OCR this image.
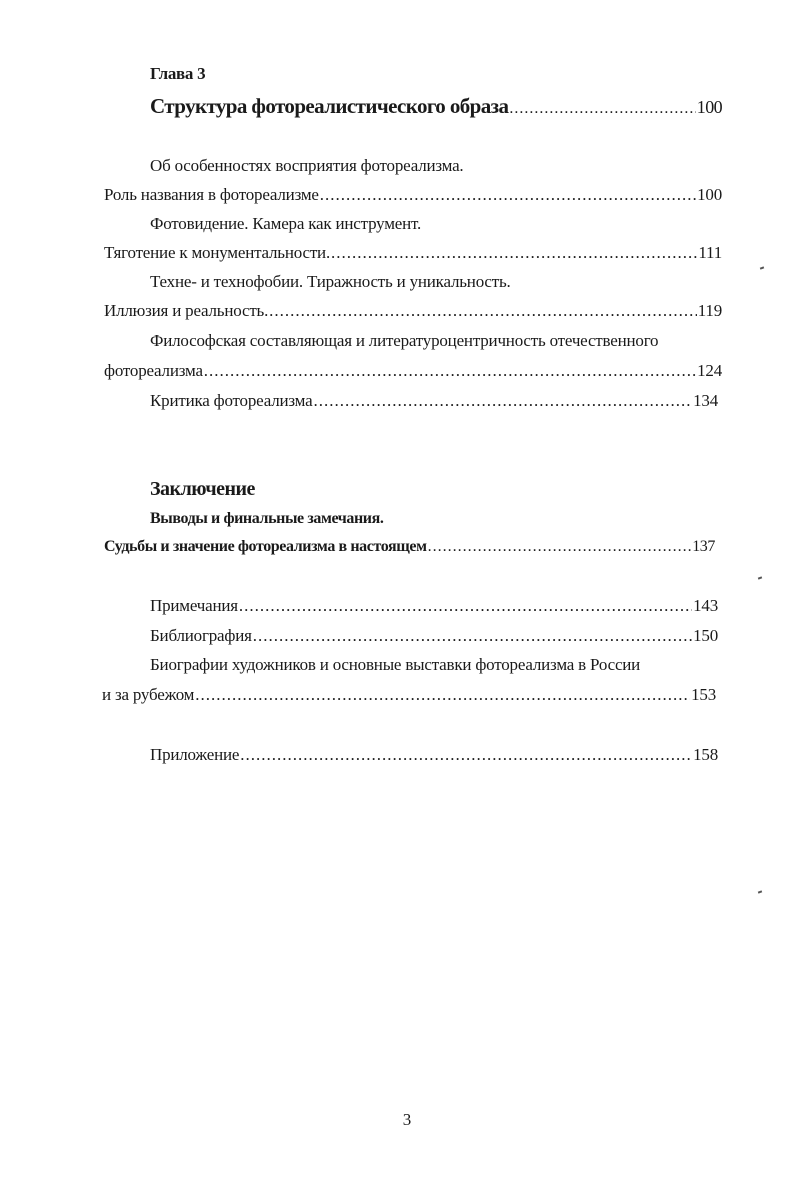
Глава 3
Структура фотореалистического образа .....	100
Об особенностях восприятия фотореализма.
Роль названия в фотореализме .....	100
Фотовидение. Камера как инструмент.
Тяготение к монументальности. .....	111
Техне- и технофобии. Тиражность и уникальность.
Иллюзия и реальность. .....	119
Философская составляющая и литературоцентричность отечественного
фотореализма .....	124
Критика фотореализма .....	134
Заключение
Выводы и финальные замечания.
Судьбы и значение фотореализма в настоящем .....	137
Примечания .....	143
Библиография .....	150
Биографии художников и основные выставки фотореализма в России
и за рубежом .....	153
Приложение .....	158
3
